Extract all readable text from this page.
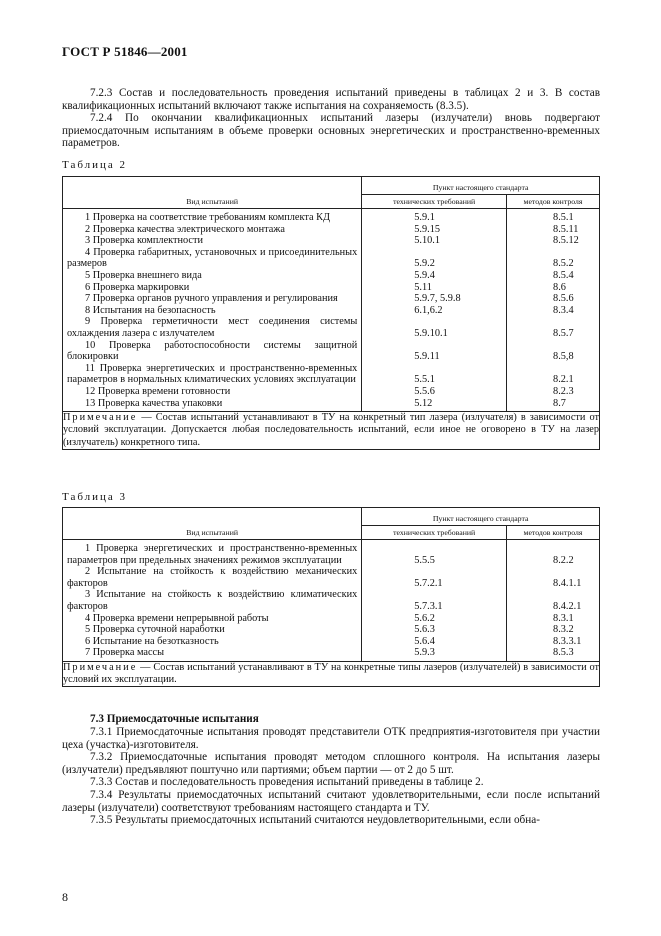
ГОСТ Р 51846—2001
7.2.3 Состав и последовательность проведения испытаний приведены в таблицах 2 и 3. В состав квалификационных испытаний включают также испытания на сохраняемость (8.3.5).
7.2.4 По окончании квалификационных испытаний лазеры (излучатели) вновь подвергают приемосдаточным испытаниям в объеме проверки основных энергетических и пространственно-временных параметров.
Таблица 2
Вид испытаний	Пункт настоящего стандарта	
	технических требований	методов контроля
1 Проверка на соответствие требованиям комплекта КД	5.9.1	8.5.1
2 Проверка качества электрического монтажа	5.9.15	8.5.11
3 Проверка комплектности	5.10.1	8.5.12
4 Проверка габаритных, установочных и присоединительных размеров	5.9.2	8.5.2
5 Проверка внешнего вида	5.9.4	8.5.4
6 Проверка маркировки	5.11	8.6
7 Проверка органов ручного управления и регулирования	5.9.7, 5.9.8	8.5.6
8 Испытания на безопасность	6.1,6.2	8.3.4
9 Проверка герметичности мест соединения системы охлаждения лазера с излучателем	5.9.10.1	8.5.7
10 Проверка работоспособности системы защитной блокировки	5.9.11	8.5,8
11 Проверка энергетических и пространственно-временных параметров в нормальных климатических условиях эксплуатации	5.5.1	8.2.1
12 Проверка времени готовности	5.5.6	8.2.3
13 Проверка качества упаковки	5.12	8.7
Примечание — Состав испытаний устанавливают в ТУ на конкретный тип лазера (излучателя) в зависимости от условий эксплуатации. Допускается любая последовательность испытаний, если иное не оговорено в ТУ на лазер (излучатель) конкретного типа.		
Таблица 3
Вид испытаний	Пункт настоящего стандарта	
	технических требований	методов контроля
1 Проверка энергетических и пространственно-временных параметров при предельных значениях режимов эксплуатации	5.5.5	8.2.2
2 Испытание на стойкость к воздействию механических факторов	5.7.2.1	8.4.1.1
3 Испытание на стойкость к воздействию климатических факторов	5.7.3.1	8.4.2.1
4 Проверка времени непрерывной работы	5.6.2	8.3.1
5 Проверка суточной наработки	5.6.3	8.3.2
6 Испытание на безотказность	5.6.4	8.3.3.1
7 Проверка массы	5.9.3	8.5.3
Примечание — Состав испытаний устанавливают в ТУ на конкретные типы лазеров (излучателей) в зависимости от условий их эксплуатации.		
7.3 Приемосдаточные испытания
7.3.1 Приемосдаточные испытания проводят представители ОТК предприятия-изготовителя при участии цеха (участка)-изготовителя.
7.3.2 Приемосдаточные испытания проводят методом сплошного контроля. На испытания лазеры (излучатели) предъявляют поштучно или партиями; объем партии — от 2 до 5 шт.
7.3.3 Состав и последовательность проведения испытаний приведены в таблице 2.
7.3.4 Результаты приемосдаточных испытаний считают удовлетворительными, если после испытаний лазеры (излучатели) соответствуют требованиям настоящего стандарта и ТУ.
7.3.5 Результаты приемосдаточных испытаний считаются неудовлетворительными, если обна-
8
